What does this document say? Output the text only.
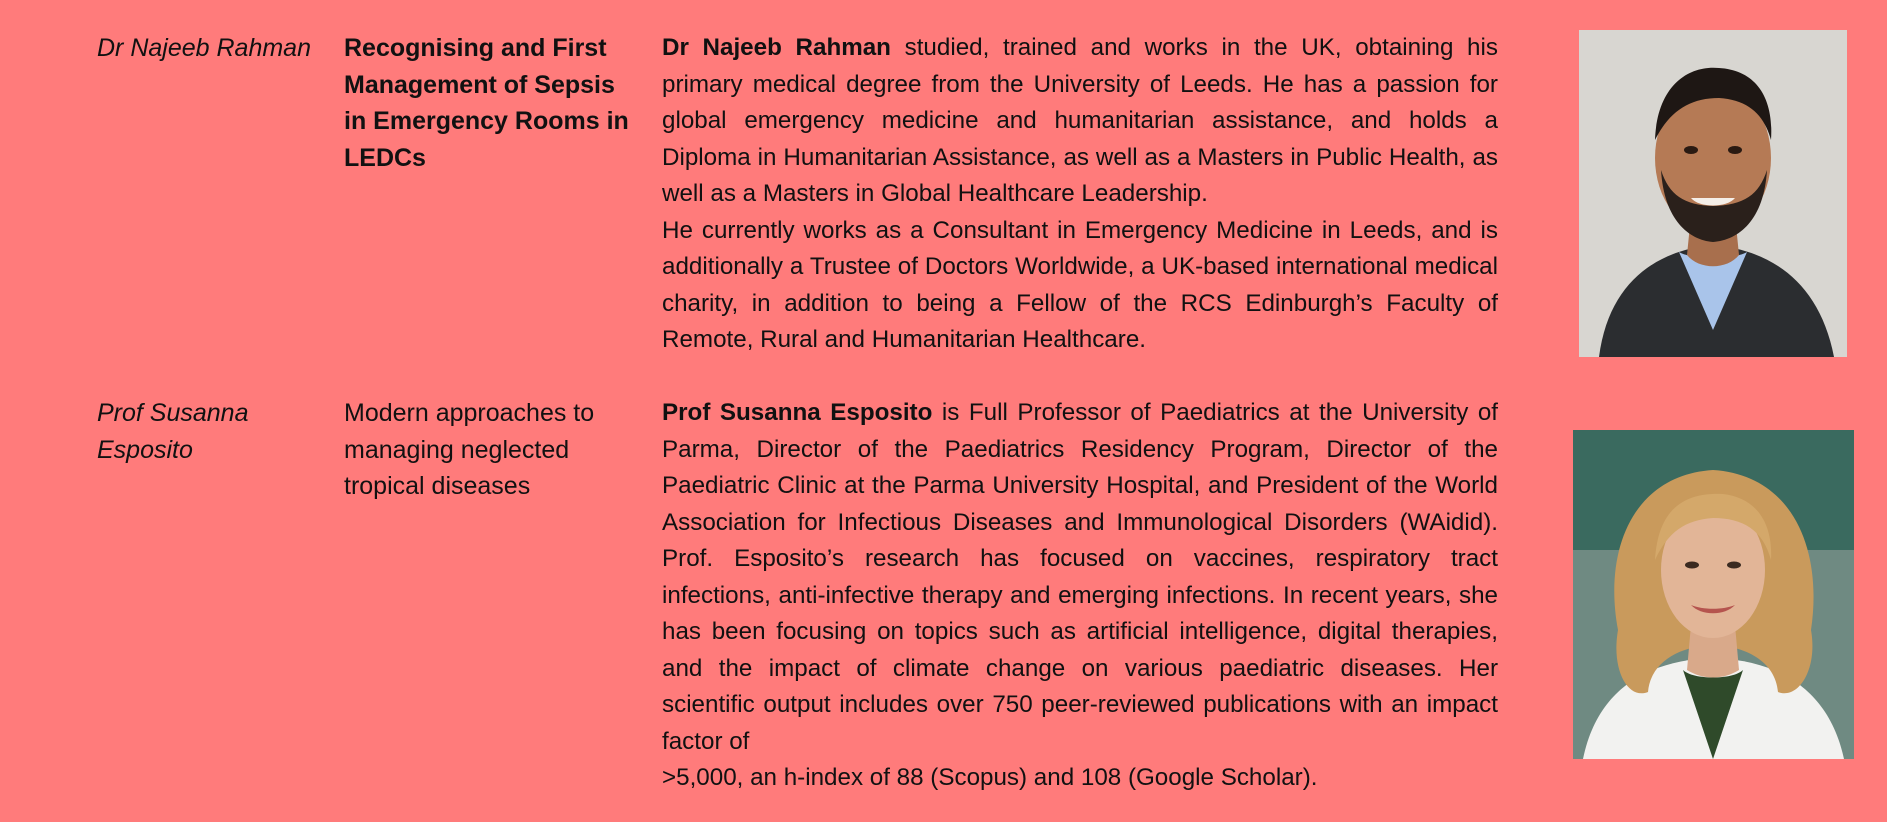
Dr Najeeb Rahman Recognising and First Management of Sepsis in Emergency Rooms in LEDCs

Dr Najeeb Rahman studied, trained and works in the UK, obtaining his primary medical degree from the University of Leeds. He has a passion for global emergency medicine and humanitarian assistance, and holds a Diploma in Humanitarian Assistance, as well as a Masters in Public Health, as well as a Masters in Global Healthcare Leadership.

He currently works as a Consultant in Emergency Medicine in Leeds, and is additionally a Trustee of Doctors Worldwide, a UK-based international medical charity, in addition to being a Fellow of the RCS Edinburgh’s Faculty of Remote, Rural and Humanitarian Healthcare.

Prof Susanna Esposito
Modern approaches to managing neglected tropical diseases

Prof Susanna Esposito is Full Professor of Paediatrics at the University of Parma, Director of the Paediatrics Residency Program, Director of the Paediatric Clinic at the Parma University Hospital, and President of the World Association for Infectious Diseases and Immunological Disorders (WAidid). Prof. Esposito’s research has focused on vaccines, respiratory tract infections, anti-infective therapy and emerging infections. In recent years, she has been focusing on topics such as artificial intelligence, digital therapies, and the impact of climate change on various paediatric diseases. Her scientific output includes over 750 peer-reviewed publications with an impact factor of

>5,000, an h-index of 88 (Scopus) and 108 (Google Scholar).
